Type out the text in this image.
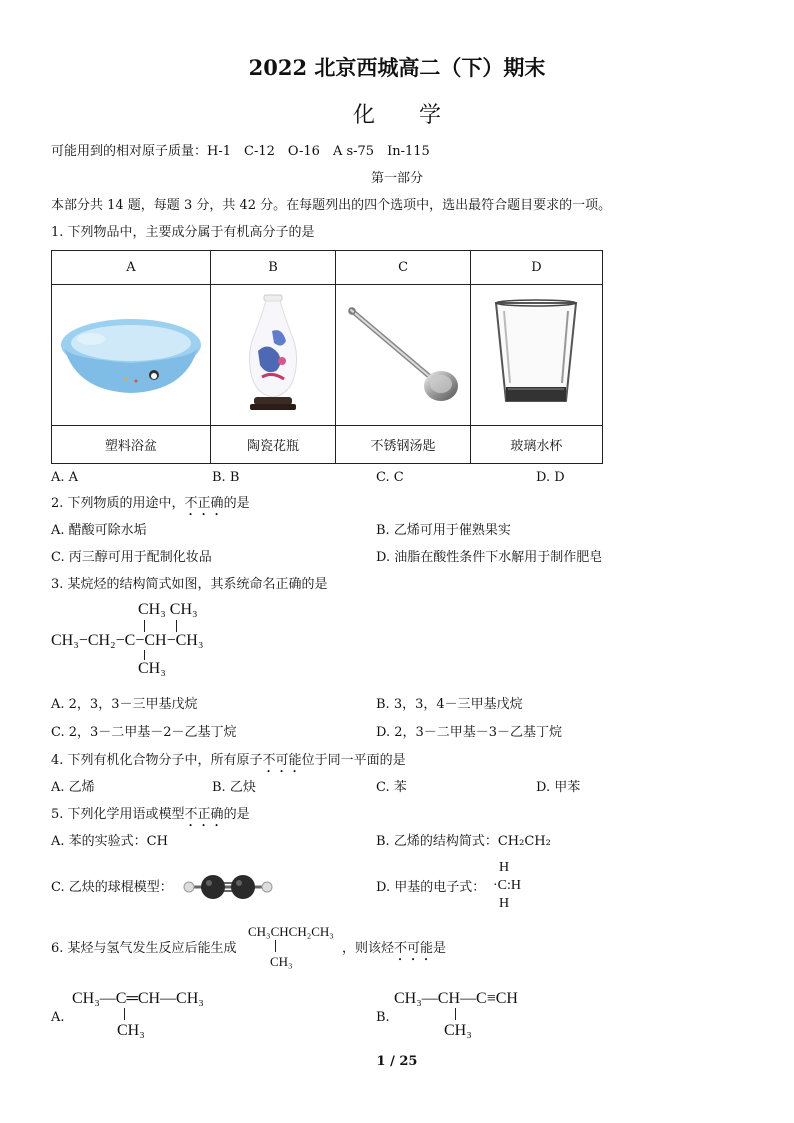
2022 北京西城高二（下）期末
化　　学
可能用到的相对原子质量：H-1　C-12　O-16　A s-75　In-115
第一部分
本部分共 14 题，每题 3 分，共 42 分。在每题列出的四个选项中，选出最符合题目要求的一项。
1. 下列物品中，主要成分属于有机高分子的是
A	B	C	D

塑料浴盆	陶瓷花瓶	不锈钢汤匙	玻璃水杯
A. A	B. B	C. C	D. D
2. 下列物质的用途中，不正确的是
A. 醋酸可除水垢	B. 乙烯可用于催熟果实
C. 丙三醇可用于配制化妆品	D. 油脂在酸性条件下水解用于制作肥皂
3. 某烷烃的结构简式如图，其系统命名正确的是
CH₃ CH₃
CH₃−CH₂−C−CH−CH₃
CH₃
A. 2，3，3－三甲基戊烷	B. 3，3，4－三甲基戊烷
C. 2，3－二甲基－2－乙基丁烷	D. 2，3－二甲基－3－乙基丁烷
4. 下列有机化合物分子中，所有原子不可能位于同一平面的是
A. 乙烯	B. 乙炔	C. 苯	D. 甲苯
5. 下列化学用语或模型不正确的是
A. 苯的实验式：CH	B. 乙烯的结构简式：CH₂CH₂
C. 乙炔的球棍模型：	D. 甲基的电子式：
H
·C:H
H
6. 某烃与氢气发生反应后能生成
CH₃CHCH₂CH₃
CH₃
，则该烃不可能是
A.
CH₃—C═CH—CH₃
CH₃
B.
CH₃—CH—C≡CH
CH₃
1 / 25
